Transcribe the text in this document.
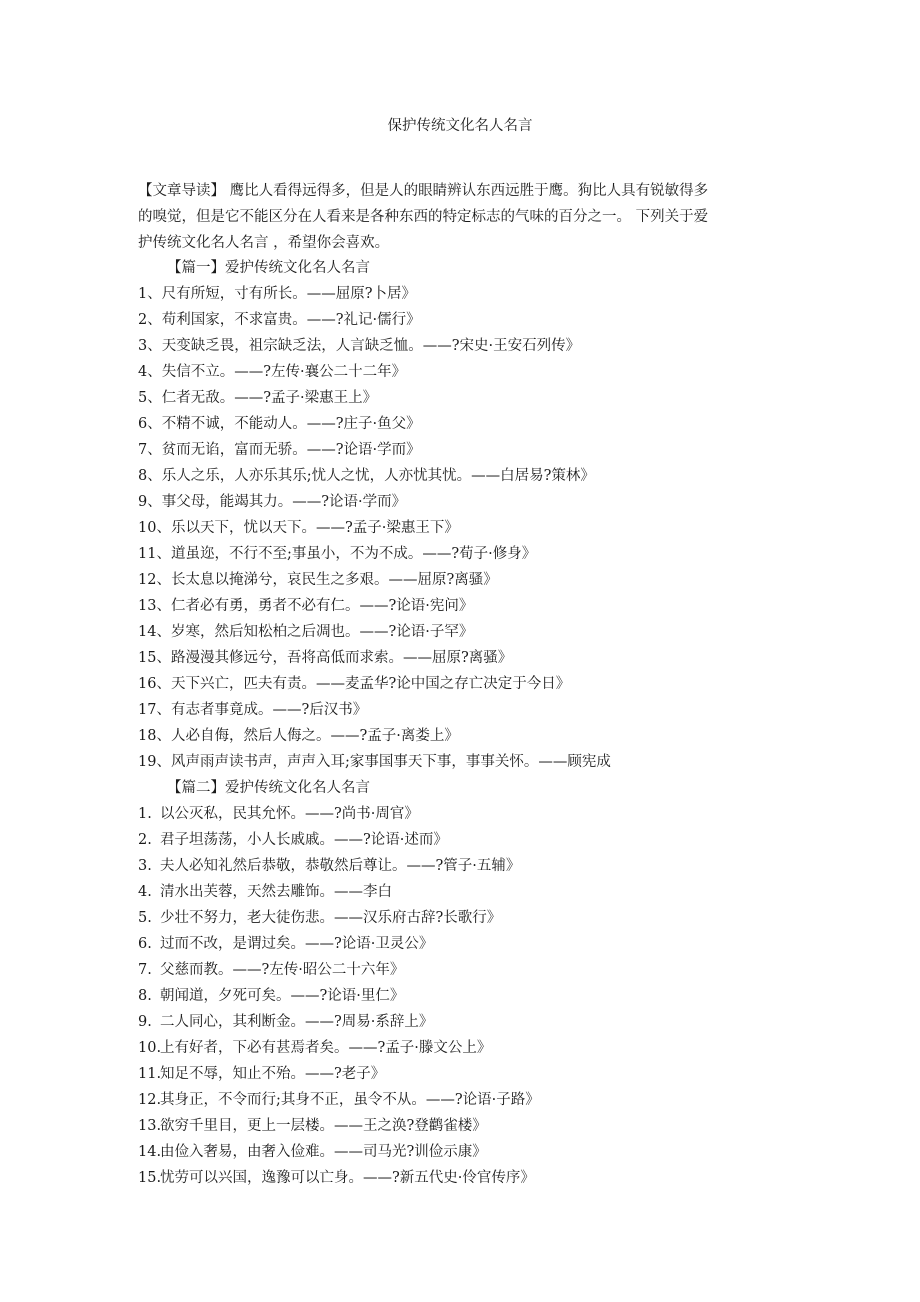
保护传统文化名人名言
【文章导读】 鹰比人看得远得多，但是人的眼睛辨认东西远胜于鹰。狗比人具有锐敏得多
的嗅觉，但是它不能区分在人看来是各种东西的特定标志的气味的百分之一。 下列关于爱
护传统文化名人名言 ，希望你会喜欢。
【篇一】爱护传统文化名人名言
1、尺有所短，寸有所长。——屈原?卜居》
2、苟利国家，不求富贵。——?礼记·儒行》
3、天变缺乏畏，祖宗缺乏法，人言缺乏恤。——?宋史·王安石列传》
4、失信不立。——?左传·襄公二十二年》
5、仁者无敌。——?孟子·梁惠王上》
6、不精不诚，不能动人。——?庄子·鱼父》
7、贫而无谄，富而无骄。——?论语·学而》
8、乐人之乐，人亦乐其乐;忧人之忧，人亦忧其忧。——白居易?策林》
9、事父母，能竭其力。——?论语·学而》
10、乐以天下，忧以天下。——?孟子·梁惠王下》
11、道虽迩，不行不至;事虽小，不为不成。——?荀子·修身》
12、长太息以掩涕兮，哀民生之多艰。——屈原?离骚》
13、仁者必有勇，勇者不必有仁。——?论语·宪问》
14、岁寒，然后知松柏之后凋也。——?论语·子罕》
15、路漫漫其修远兮，吾将高低而求索。——屈原?离骚》
16、天下兴亡，匹夫有责。——麦孟华?论中国之存亡决定于今日》
17、有志者事竟成。——?后汉书》
18、人必自侮，然后人侮之。——?孟子·离娄上》
19、风声雨声读书声，声声入耳;家事国事天下事，事事关怀。——顾宪成
【篇二】爱护传统文化名人名言
1. 以公灭私，民其允怀。——?尚书·周官》
2. 君子坦荡荡，小人长戚戚。——?论语·述而》
3. 夫人必知礼然后恭敬，恭敬然后尊让。——?管子·五辅》
4. 清水出芙蓉，天然去雕饰。——李白
5. 少壮不努力，老大徒伤悲。——汉乐府古辞?长歌行》
6. 过而不改，是谓过矣。——?论语·卫灵公》
7. 父慈而教。——?左传·昭公二十六年》
8. 朝闻道，夕死可矣。——?论语·里仁》
9. 二人同心，其利断金。——?周易·系辞上》
10.上有好者，下必有甚焉者矣。——?孟子·滕文公上》
11.知足不辱，知止不殆。——?老子》
12.其身正，不令而行;其身不正，虽令不从。——?论语·子路》
13.欲穷千里目，更上一层楼。——王之涣?登鹳雀楼》
14.由俭入奢易，由奢入俭难。——司马光?训俭示康》
15.忧劳可以兴国，逸豫可以亡身。——?新五代史·伶官传序》
